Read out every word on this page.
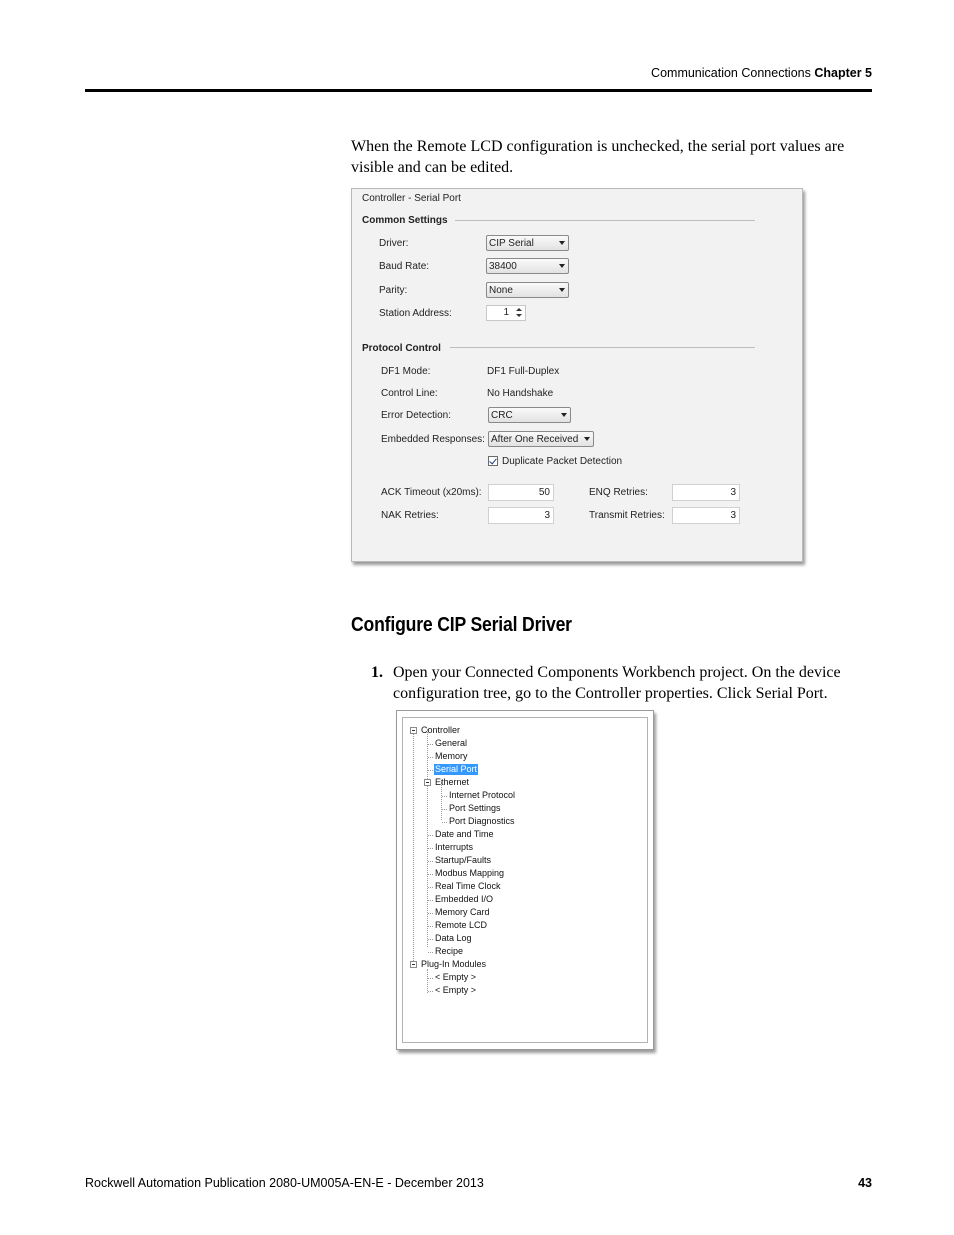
Communication Connections Chapter 5
When the Remote LCD configuration is unchecked, the serial port values are visible and can be edited.
Controller - Serial Port
Common Settings
Driver:	CIP Serial
Baud Rate:	38400
Parity:	None
Station Address:	1
Protocol Control
DF1 Mode:	DF1 Full-Duplex
Control Line:	No Handshake
Error Detection:	CRC
Embedded Responses: After One Received
Duplicate Packet Detection
ACK Timeout (x20ms):	50	ENQ Retries:	3
NAK Retries:	3	Transmit Retries:	3
Configure CIP Serial Driver
1. Open your Connected Components Workbench project. On the device configuration tree, go to the Controller properties. Click Serial Port.
Controller
General
Memory
Serial Port
Ethernet
Internet Protocol
Port Settings
Port Diagnostics
Date and Time
Interrupts
Startup/Faults
Modbus Mapping
Real Time Clock
Embedded I/O
Memory Card
Remote LCD
Data Log
Recipe
Plug-In Modules
< Empty >
< Empty >
Rockwell Automation Publication 2080-UM005A-EN-E - December 2013	43
